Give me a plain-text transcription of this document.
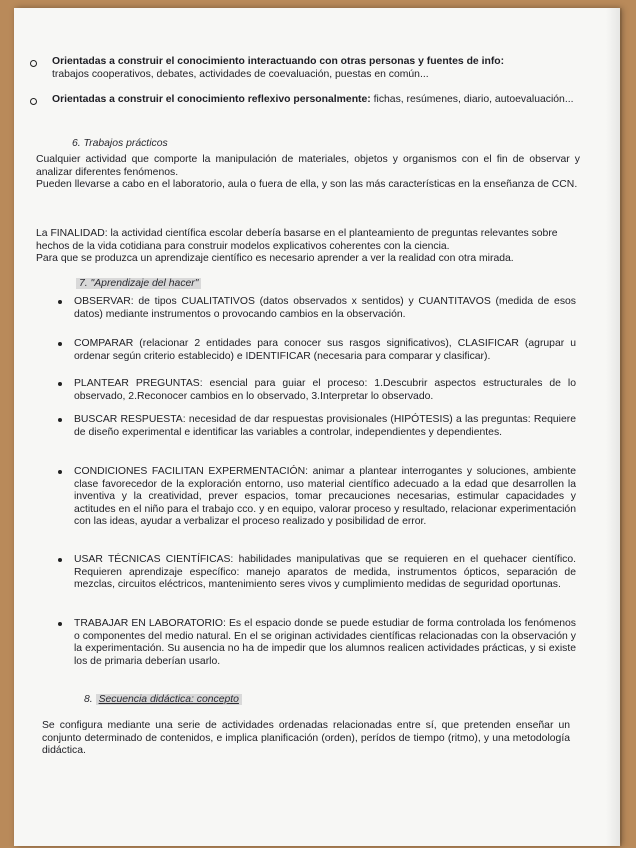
Orientadas a construir el conocimiento interactuando con otras personas y fuentes de info:
trabajos cooperativos, debates, actividades de coevaluación, puestas en común...
Orientadas a construir el conocimiento reflexivo personalmente: fichas, resúmenes, diario, autoevaluación...
6. Trabajos prácticos
Cualquier actividad que comporte la manipulación de materiales, objetos y organismos con el fin de observar y analizar diferentes fenómenos.
Pueden llevarse a cabo en el laboratorio, aula o fuera de ella, y son las más características en la enseñanza de CCN.
La FINALIDAD: la actividad científica escolar debería basarse en el planteamiento de preguntas relevantes sobre hechos de la vida cotidiana para construir modelos explicativos coherentes con la ciencia.
Para que se produzca un aprendizaje científico es necesario aprender a ver la realidad con otra mirada.
7. "Aprendizaje del hacer"
OBSERVAR: de tipos CUALITATIVOS (datos observados x sentidos) y CUANTITAVOS (medida de esos datos) mediante instrumentos o provocando cambios en la observación.
COMPARAR (relacionar 2 entidades para conocer sus rasgos significativos), CLASIFICAR (agrupar u ordenar según criterio establecido) e IDENTIFICAR (necesaria para comparar y clasificar).
PLANTEAR PREGUNTAS: esencial para guiar el proceso: 1.Descubrir aspectos estructurales de lo observado, 2.Reconocer cambios en lo observado, 3.Interpretar lo observado.
BUSCAR RESPUESTA: necesidad de dar respuestas provisionales (HIPÓTESIS) a las preguntas: Requiere de diseño experimental e identificar las variables a controlar, independientes y dependientes.
CONDICIONES FACILITAN EXPERMENTACIÓN: animar a plantear interrogantes y soluciones, ambiente clase favorecedor de la exploración entorno, uso material científico adecuado a la edad que desarrollen la inventiva y la creatividad, prever espacios, tomar precauciones necesarias, estimular capacidades y actitudes en el niño para el trabajo cco. y en equipo, valorar proceso y resultado, relacionar experimentación con las ideas, ayudar a verbalizar el proceso realizado y posibilidad de error.
USAR TÉCNICAS CIENTÍFICAS: habilidades manipulativas que se requieren en el quehacer científico. Requieren aprendizaje específico: manejo aparatos de medida, instrumentos ópticos, separación de mezclas, circuitos eléctricos, mantenimiento seres vivos y cumplimiento medidas de seguridad oportunas.
TRABAJAR EN LABORATORIO: Es el espacio donde se puede estudiar de forma controlada los fenómenos o componentes del medio natural. En el se originan actividades científicas relacionadas con la observación y la experimentación. Su ausencia no ha de impedir que los alumnos realicen actividades prácticas, y si existe los de primaria deberían usarlo.
8. Secuencia didáctica: concepto
Se configura mediante una serie de actividades ordenadas relacionadas entre sí, que pretenden enseñar un conjunto determinado de contenidos, e implica planificación (orden), perídos de tiempo (ritmo), y una metodología didáctica.
